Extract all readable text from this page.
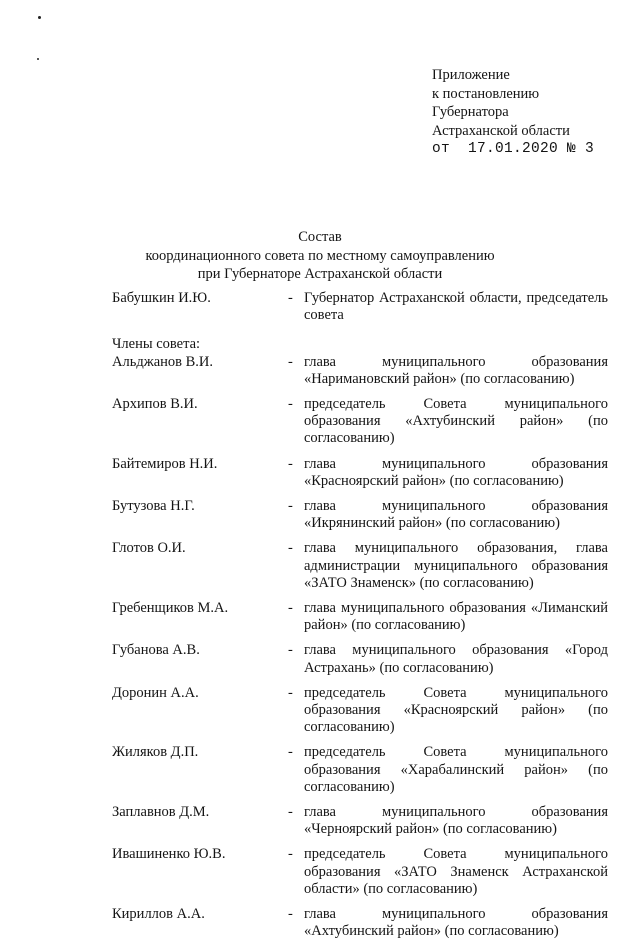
Приложение
к постановлению
Губернатора
Астраханской области
от  17.01.2020 № 3
Состав
координационного совета по местному самоуправлению
при Губернаторе Астраханской области
Бабушкин И.Ю.	- Губернатор Астраханской области, председатель совета
Члены совета:
Альджанов В.И.	- глава муниципального образования «Наримановский район» (по согласованию)
Архипов В.И.	- председатель Совета муниципального образования «Ахтубинский район» (по согласованию)
Байтемиров Н.И.	- глава муниципального образования «Красноярский район» (по согласованию)
Бутузова Н.Г.	- глава муниципального образования «Икрянинский район» (по согласованию)
Глотов О.И.	- глава муниципального образования, глава администрации муниципального образования «ЗАТО Знаменск» (по согласованию)
Гребенщиков М.А.	- глава муниципального образования «Лиманский район» (по согласованию)
Губанова А.В.	- глава муниципального образования «Город Астрахань» (по согласованию)
Доронин А.А.	- председатель Совета муниципального образования «Красноярский район» (по согласованию)
Жиляков Д.П.	- председатель Совета муниципального образования «Харабалинский район» (по согласованию)
Заплавнов Д.М.	- глава муниципального образования «Черноярский район» (по согласованию)
Ивашиненко Ю.В.	- председатель Совета муниципального образования «ЗАТО Знаменск Астраханской области» (по согласованию)
Кириллов А.А.	- глава муниципального образования «Ахтубинский район» (по согласованию)
